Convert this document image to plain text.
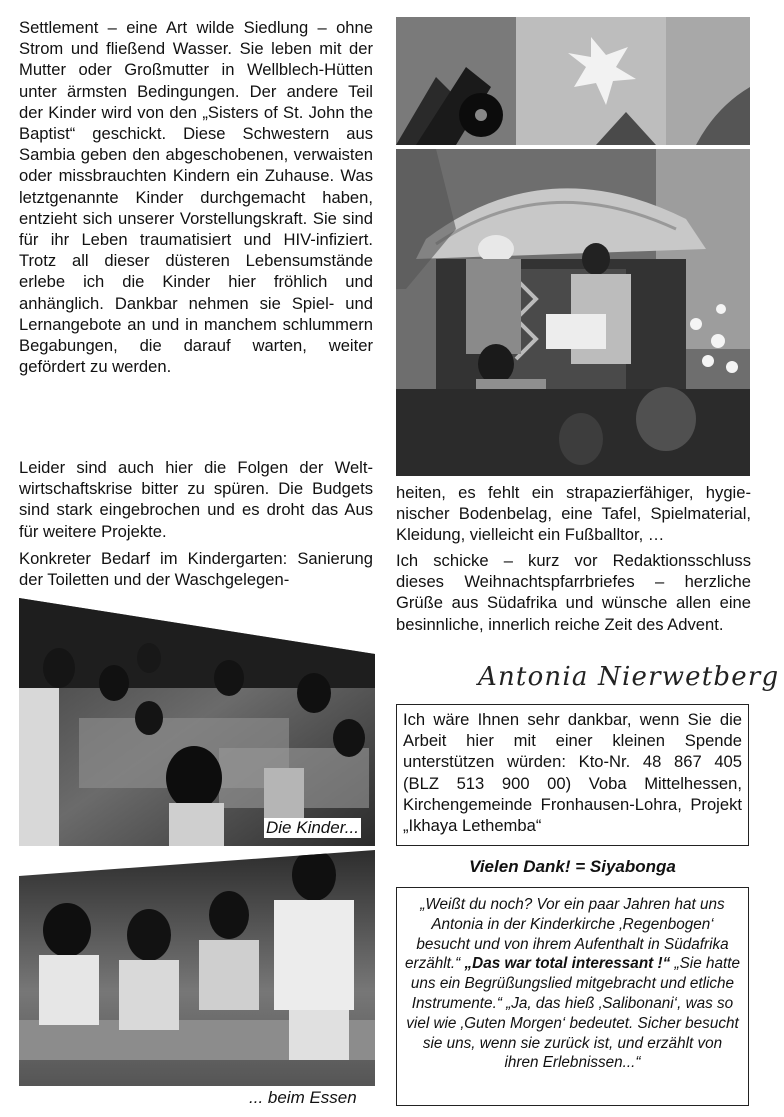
Settlement – eine Art wilde Siedlung – ohne Strom und fließend Wasser. Sie leben mit der Mutter oder Großmutter in Wellblech-Hütten unter ärmsten Bedingungen. Der andere Teil der Kinder wird von den „Sisters of St. John the Baptist“ geschickt. Diese Schwestern aus Sambia geben den abgeschobenen, verwaisten oder missbrauchten Kindern ein Zuhause. Was letztgenannte Kinder durchgemacht haben, entzieht sich unserer Vorstellungskraft. Sie sind für ihr Leben traumatisiert und HIV-infiziert. Trotz all dieser düsteren Lebensumstände erlebe ich die Kinder hier fröhlich und anhänglich. Dankbar nehmen sie Spiel- und Lernangebote an und in manchem schlummern Begabungen, die darauf warten, weiter gefördert zu werden.

Leider sind auch hier die Folgen der Weltwirtschaftskrise bitter zu spüren. Die Budgets sind stark eingebrochen und es droht das Aus für weitere Projekte.

Konkreter Bedarf im Kindergarten: Sanierung der Toiletten und der Waschgelegen-

Die Kinder...
... beim Essen

heiten, es fehlt ein strapazierfähiger, hygienischer Bodenbelag, eine Tafel, Spielmaterial, Kleidung, vielleicht ein Fußballtor, …

Ich schicke – kurz vor Redaktionsschluss dieses Weihnachtspfarrbriefes – herzliche Grüße aus Südafrika und wünsche allen eine besinnliche, innerlich reiche Zeit des Advent.

Antonia Nierwetberg

Ich wäre Ihnen sehr dankbar, wenn Sie die Arbeit hier mit einer kleinen Spende unterstützen würden: Kto-Nr. 48 867 405 (BLZ 513 900 00) Voba Mittelhessen, Kirchengemeinde Fronhausen-Lohra, Projekt „Ikhaya Lethemba“

Vielen Dank! = Siyabonga

„Weißt du noch? Vor ein paar Jahren hat uns Antonia in der Kinderkirche ‚Regenbogen‘ besucht und von ihrem Aufenthalt in Südafrika erzählt.“ „Das war total interessant !“ „Sie hatte uns ein Begrüßungslied mitgebracht und etliche Instrumente.“ „Ja, das hieß ‚Salibonani‘, was so viel wie ‚Guten Morgen‘ bedeutet. Sicher besucht sie uns, wenn sie zurück ist, und erzählt von ihren Erlebnissen...“
